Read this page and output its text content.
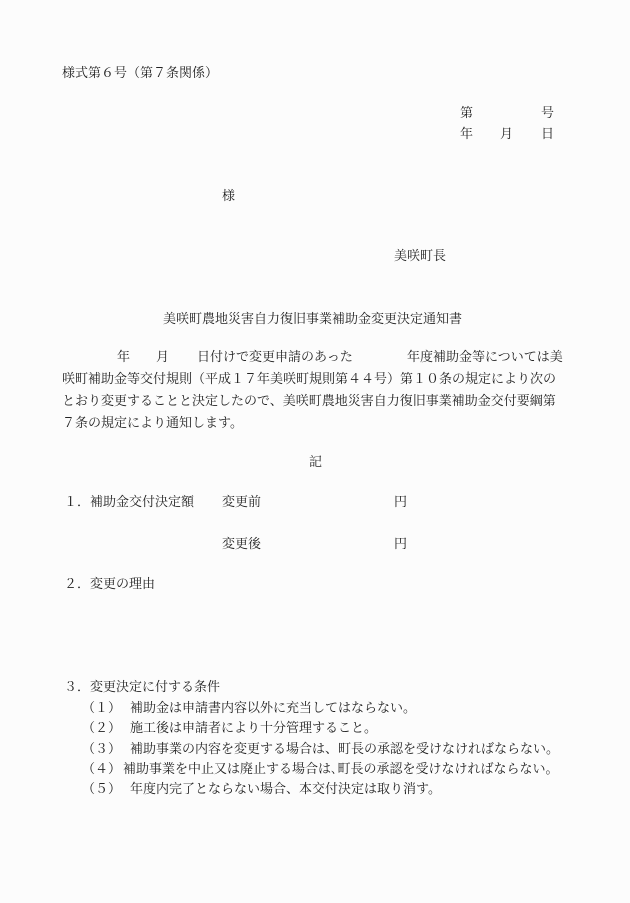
様式第６号（第７条関係）
第	号
年 月 日
様
美咲町長
美咲町農地災害自力復旧事業補助金変更決定通知書
年 月 日付けで変更申請のあった	年度補助金等については美
咲町補助金等交付規則（平成１７年美咲町規則第４４号）第１０条の規定により次の
とおり変更することと決定したので、美咲町農地災害自力復旧事業補助金交付要綱第
７条の規定により通知します。
記
１．補助金交付決定額 変更前	円
変更後	円
２．変更の理由
３．変更決定に付する条件
（１） 補助金は申請書内容以外に充当してはならない。
（２） 施工後は申請者により十分管理すること。
（３） 補助事業の内容を変更する場合は、町長の承認を受けなければならない。
（４） 補助事業を中止又は廃止する場合は､町長の承認を受けなければならない。
（５） 年度内完了とならない場合、本交付決定は取り消す。
